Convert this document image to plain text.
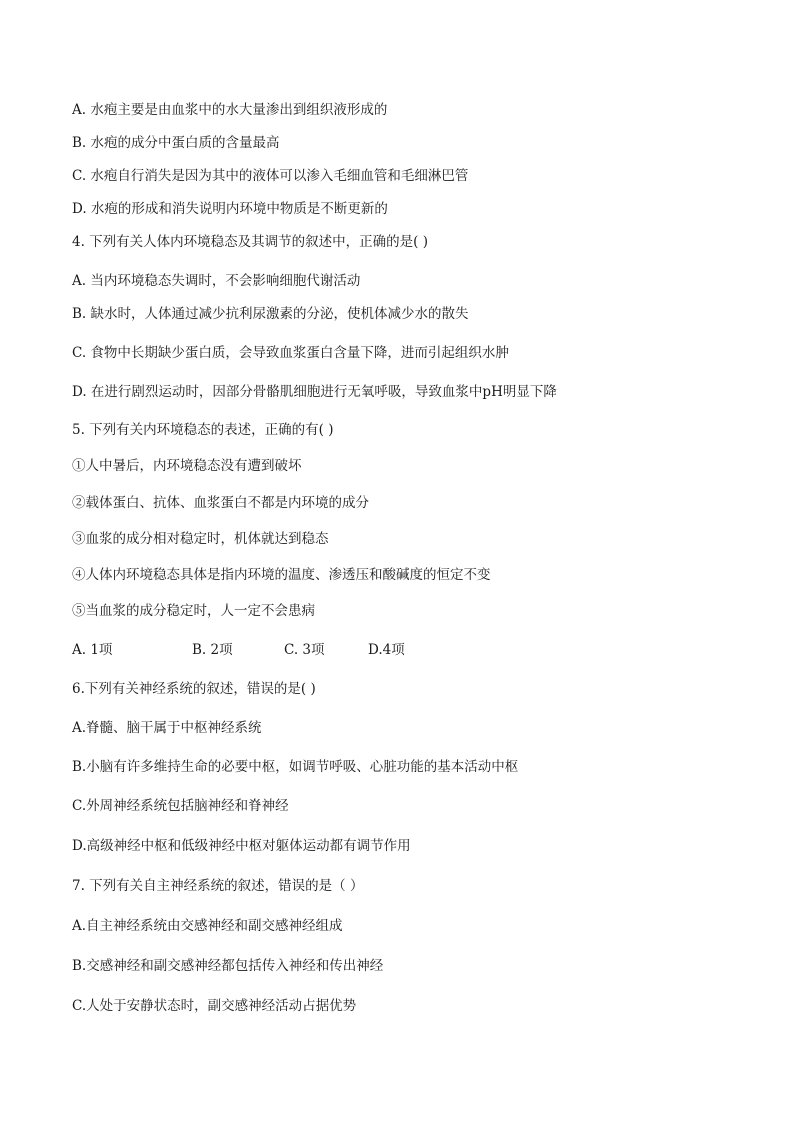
A. 水疱主要是由血浆中的水大量渗出到组织液形成的
B. 水疱的成分中蛋白质的含量最高
C. 水疱自行消失是因为其中的液体可以渗入毛细血管和毛细淋巴管
D. 水疱的形成和消失说明内环境中物质是不断更新的
4. 下列有关人体内环境稳态及其调节的叙述中，正确的是( )
A. 当内环境稳态失调时，不会影响细胞代谢活动
B. 缺水时，人体通过减少抗利尿激素的分泌，使机体减少水的散失
C. 食物中长期缺少蛋白质，会导致血浆蛋白含量下降，进而引起组织水肿
D. 在进行剧烈运动时，因部分骨骼肌细胞进行无氧呼吸，导致血浆中pH明显下降
5. 下列有关内环境稳态的表述，正确的有( )
①人中暑后，内环境稳态没有遭到破坏
②载体蛋白、抗体、血浆蛋白不都是内环境的成分
③血浆的成分相对稳定时，机体就达到稳态
④人体内环境稳态具体是指内环境的温度、渗透压和酸碱度的恒定不变
⑤当血浆的成分稳定时，人一定不会患病
A. 1项	B. 2项	C. 3项	D.4项
6.下列有关神经系统的叙述，错误的是( )
A.脊髓、脑干属于中枢神经系统
B.小脑有许多维持生命的必要中枢，如调节呼吸、心脏功能的基本活动中枢
C.外周神经系统包括脑神经和脊神经
D.高级神经中枢和低级神经中枢对躯体运动都有调节作用
7. 下列有关自主神经系统的叙述，错误的是（ ）
A.自主神经系统由交感神经和副交感神经组成
B.交感神经和副交感神经都包括传入神经和传出神经
C.人处于安静状态时，副交感神经活动占据优势
